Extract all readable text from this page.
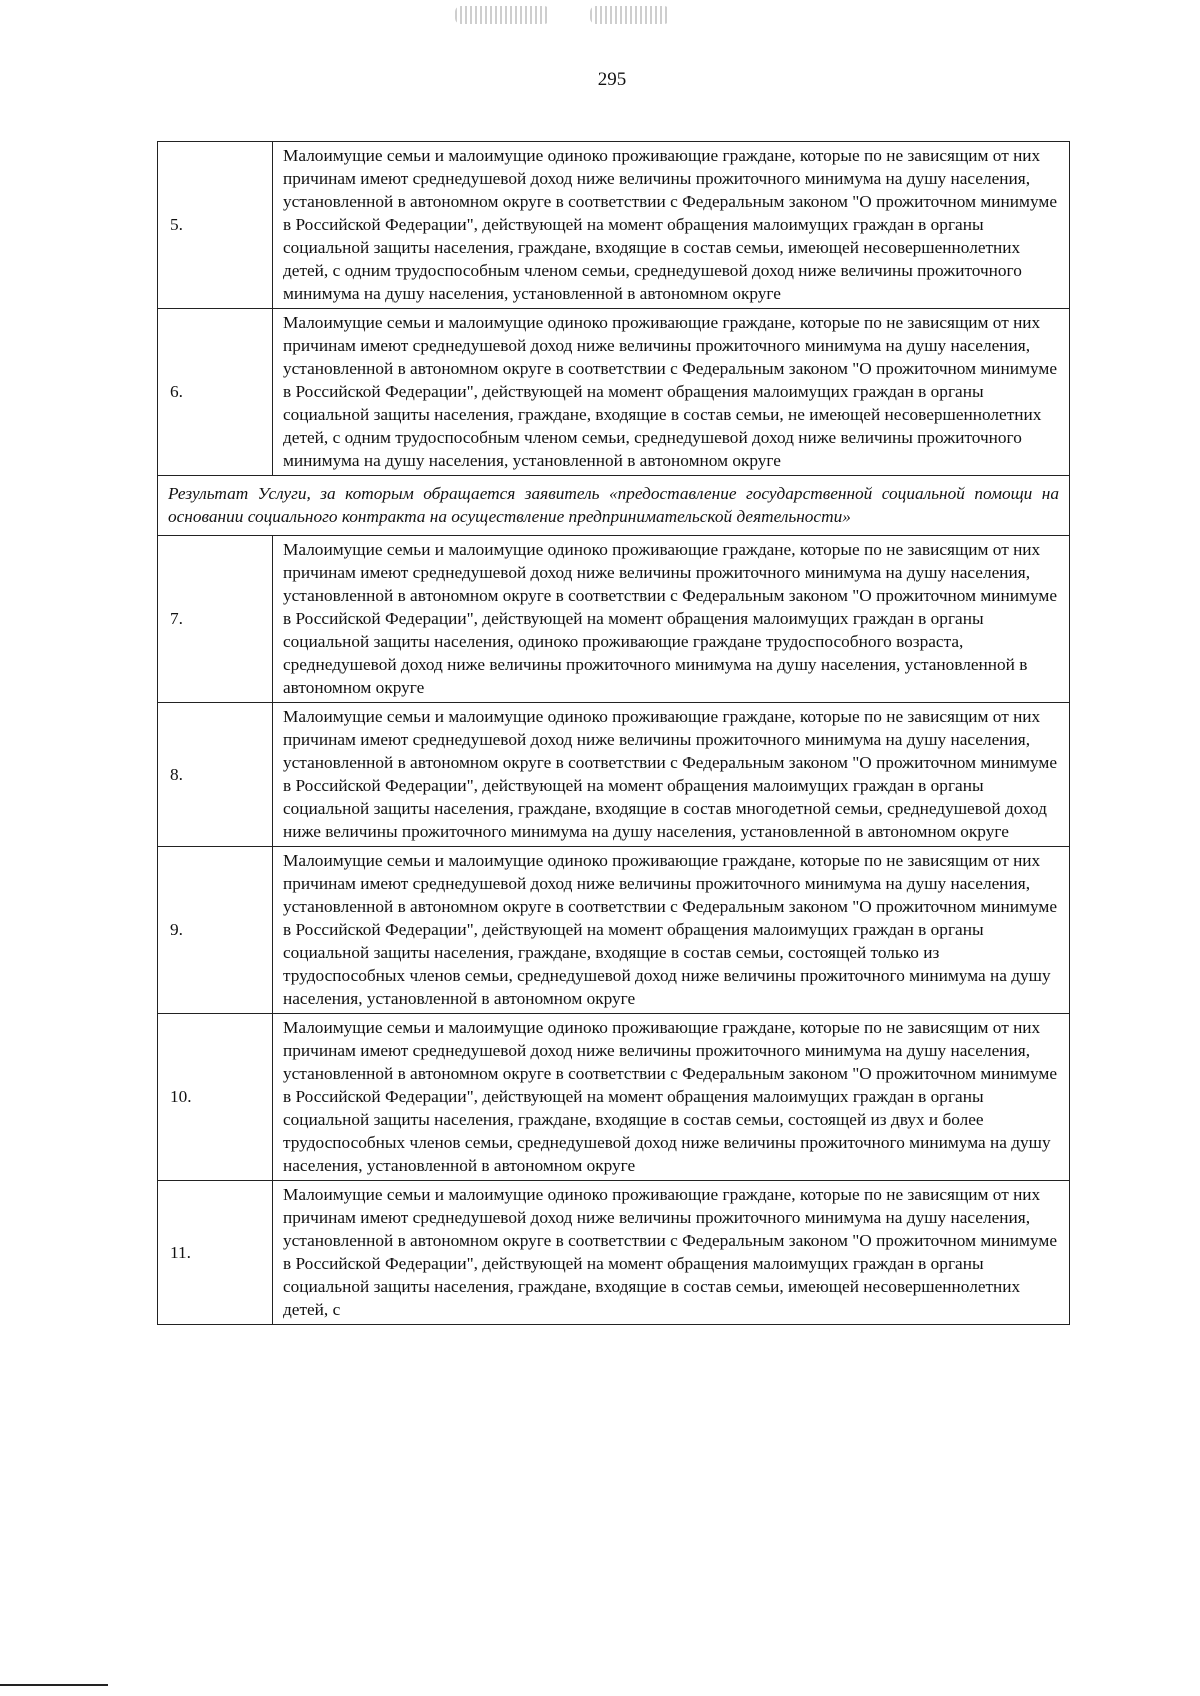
295
5.	Малоимущие семьи и малоимущие одиноко проживающие граждане, которые по не зависящим от них причинам имеют среднедушевой доход ниже величины прожиточного минимума на душу населения, установленной в автономном округе в соответствии с Федеральным законом "О прожиточном минимуме в Российской Федерации", действующей на момент обращения малоимущих граждан в органы социальной защиты населения, граждане, входящие в состав семьи, имеющей несовершеннолетних детей, с одним трудоспособным членом семьи, среднедушевой доход ниже величины прожиточного минимума на душу населения, установленной в автономном округе
6.	Малоимущие семьи и малоимущие одиноко проживающие граждане, которые по не зависящим от них причинам имеют среднедушевой доход ниже величины прожиточного минимума на душу населения, установленной в автономном округе в соответствии с Федеральным законом "О прожиточном минимуме в Российской Федерации", действующей на момент обращения малоимущих граждан в органы социальной защиты населения, граждане, входящие в состав семьи, не имеющей несовершеннолетних детей, с одним трудоспособным членом семьи, среднедушевой доход ниже величины прожиточного минимума на душу населения, установленной в автономном округе
Результат Услуги, за которым обращается заявитель «предоставление государственной социальной помощи на основании социального контракта на осуществление предпринимательской деятельности»	
7.	Малоимущие семьи и малоимущие одиноко проживающие граждане, которые по не зависящим от них причинам имеют среднедушевой доход ниже величины прожиточного минимума на душу населения, установленной в автономном округе в соответствии с Федеральным законом "О прожиточном минимуме в Российской Федерации", действующей на момент обращения малоимущих граждан в органы социальной защиты населения, одиноко проживающие граждане трудоспособного возраста, среднедушевой доход ниже величины прожиточного минимума на душу населения, установленной в автономном округе
8.	Малоимущие семьи и малоимущие одиноко проживающие граждане, которые по не зависящим от них причинам имеют среднедушевой доход ниже величины прожиточного минимума на душу населения, установленной в автономном округе в соответствии с Федеральным законом "О прожиточном минимуме в Российской Федерации", действующей на момент обращения малоимущих граждан в органы социальной защиты населения, граждане, входящие в состав многодетной семьи, среднедушевой доход ниже величины прожиточного минимума на душу населения, установленной в автономном округе
9.	Малоимущие семьи и малоимущие одиноко проживающие граждане, которые по не зависящим от них причинам имеют среднедушевой доход ниже величины прожиточного минимума на душу населения, установленной в автономном округе в соответствии с Федеральным законом "О прожиточном минимуме в Российской Федерации", действующей на момент обращения малоимущих граждан в органы социальной защиты населения, граждане, входящие в состав семьи, состоящей только из трудоспособных членов семьи, среднедушевой доход ниже величины прожиточного минимума на душу населения, установленной в автономном округе
10.	Малоимущие семьи и малоимущие одиноко проживающие граждане, которые по не зависящим от них причинам имеют среднедушевой доход ниже величины прожиточного минимума на душу населения, установленной в автономном округе в соответствии с Федеральным законом "О прожиточном минимуме в Российской Федерации", действующей на момент обращения малоимущих граждан в органы социальной защиты населения, граждане, входящие в состав семьи, состоящей из двух и более трудоспособных членов семьи, среднедушевой доход ниже величины прожиточного минимума на душу населения, установленной в автономном округе
11.	Малоимущие семьи и малоимущие одиноко проживающие граждане, которые по не зависящим от них причинам имеют среднедушевой доход ниже величины прожиточного минимума на душу населения, установленной в автономном округе в соответствии с Федеральным законом "О прожиточном минимуме в Российской Федерации", действующей на момент обращения малоимущих граждан в органы социальной защиты населения, граждане, входящие в состав семьи, имеющей несовершеннолетних детей, с
